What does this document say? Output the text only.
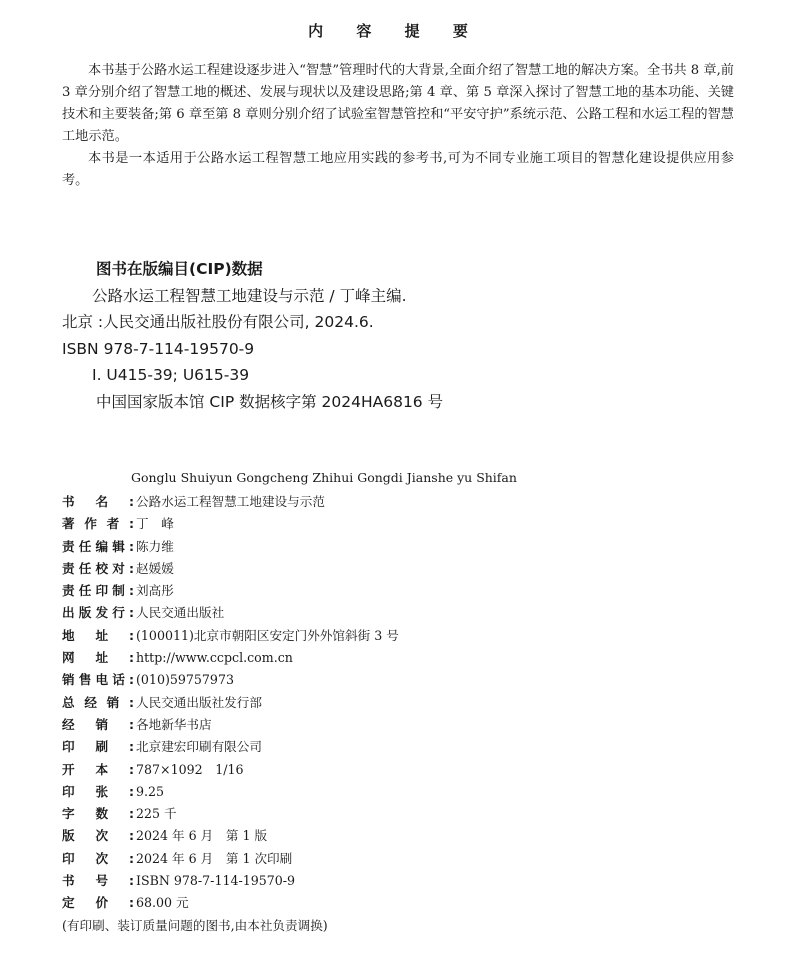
内 容 提 要

本书基于公路水运工程建设逐步进入“智慧”管理时代的大背景,全面介绍了智慧工地的解决方案。全书共 8 章,前 3 章分别介绍了智慧工地的概述、发展与现状以及建设思路;第 4 章、第 5 章深入探讨了智慧工地的基本功能、关键技术和主要装备;第 6 章至第 8 章则分别介绍了试验室智慧管控和“平安守护”系统示范、公路工程和水运工程的智慧工地示范。

本书是一本适用于公路水运工程智慧工地应用实践的参考书,可为不同专业施工项目的智慧化建设提供应用参考。

图书在版编目(CIP)数据
公路水运工程智慧工地建设与示范 / 丁峰主编.
北京 :人民交通出版社股份有限公司, 2024.6.
ISBN 978-7-114-19570-9
Ⅰ. U415-39; U615-39
中国国家版本馆 CIP 数据核字第 2024HA6816 号
Gonglu Shuiyun Gongcheng Zhihui Gongdi Jianshe yu Shifan
书 名 : 公路水运工程智慧工地建设与示范
著 作 者 : 丁　峰
责 任 编 辑 : 陈力维
责 任 校 对 : 赵媛媛
责 任 印 制 : 刘高彤
出 版 发 行 : 人民交通出版社
地 址 : (100011)北京市朝阳区安定门外外馆斜街 3 号
网 址 : http://www.ccpcl.com.cn
销 售 电 话 : (010)59757973
总 经 销 : 人民交通出版社发行部
经 销 : 各地新华书店
印 刷 : 北京建宏印刷有限公司
开 本 : 787×1092　1/16
印 张 : 9.25
字 数 : 225 千
版 次 : 2024 年 6 月　第 1 版
印 次 : 2024 年 6 月　第 1 次印刷
书 号 : ISBN 978-7-114-19570-9
定 价 : 68.00 元
(有印刷、装订质量问题的图书,由本社负责调换)
